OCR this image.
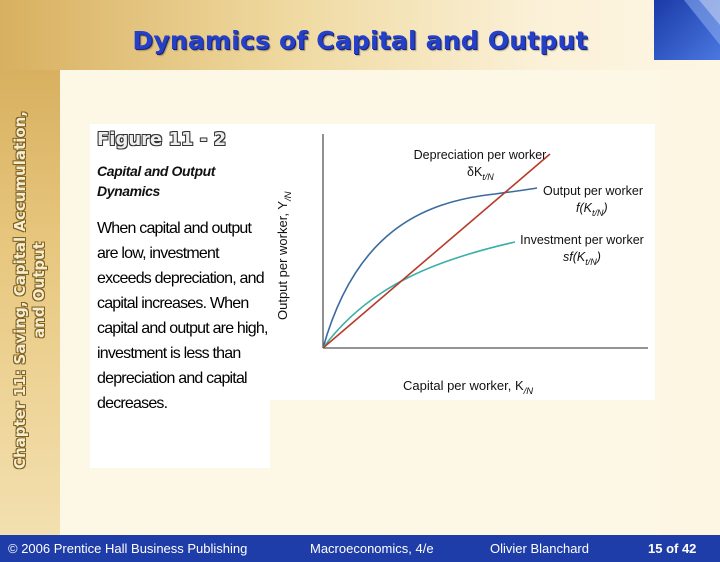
Dynamics of Capital and Output
Chapter 11: Saving, Capital Accumulation, and Output
Figure 11 - 2
Capital and Output Dynamics
When capital and output are low, investment exceeds depreciation, and capital increases. When capital and output are high, investment is less than depreciation and capital decreases.
Depreciation per worker
$\delta K_{t/N}$
Output per worker
$f(K_{t/N})$
Investment per worker
$sf(K_{t/N})$
Capital per worker, $K_{/N}$
Output per worker, $Y_{/N}$
© 2006 Prentice Hall Business Publishing	Macroeconomics, 4/e	Olivier Blanchard	15 of 42
